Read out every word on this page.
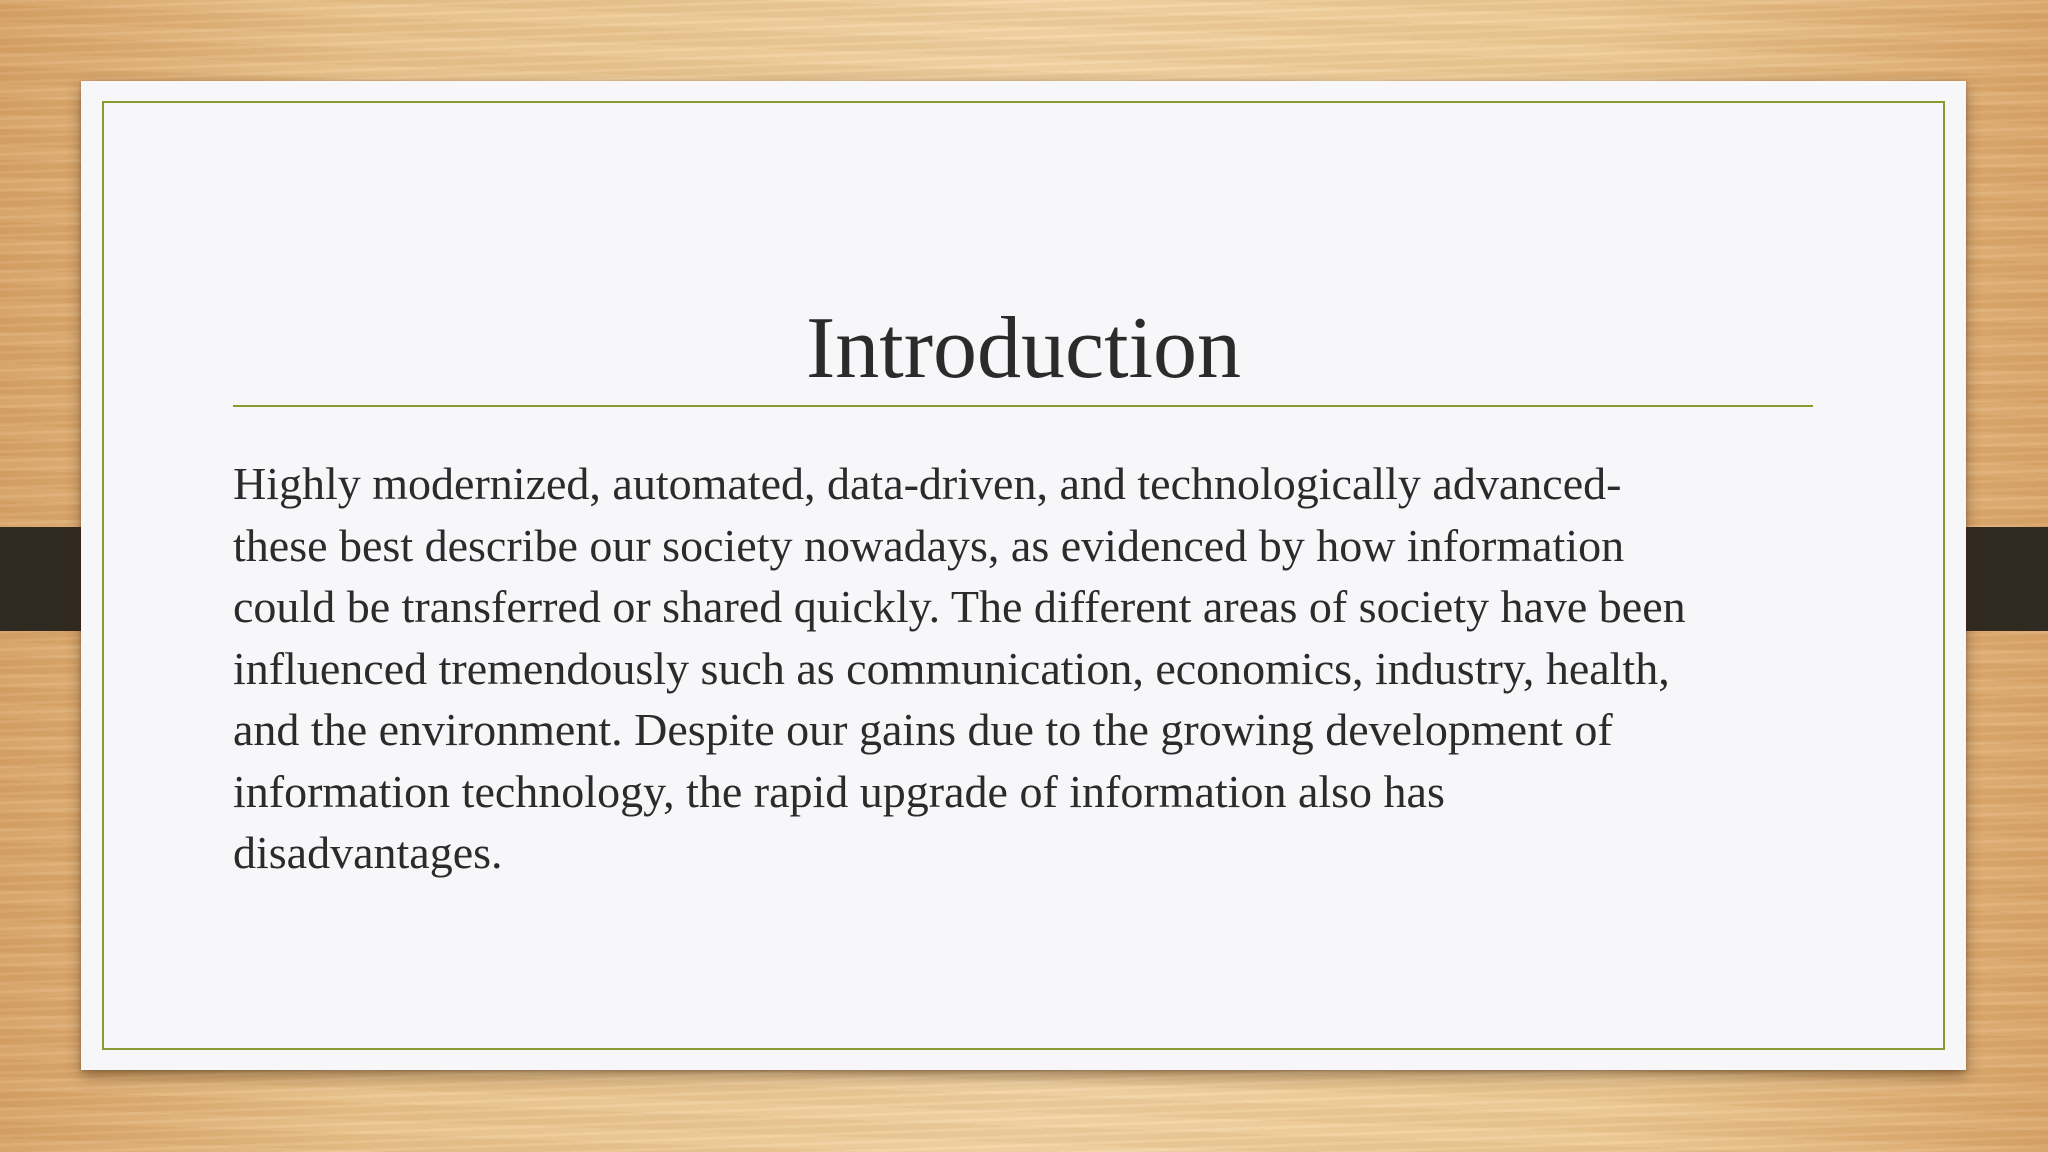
Introduction

Highly modernized, automated, data-driven, and technologically advanced-
these best describe our society nowadays, as evidenced by how information
could be transferred or shared quickly. The different areas of society have been
influenced tremendously such as communication, economics, industry, health,
and the environment. Despite our gains due to the growing development of
information technology, the rapid upgrade of information also has
disadvantages.
